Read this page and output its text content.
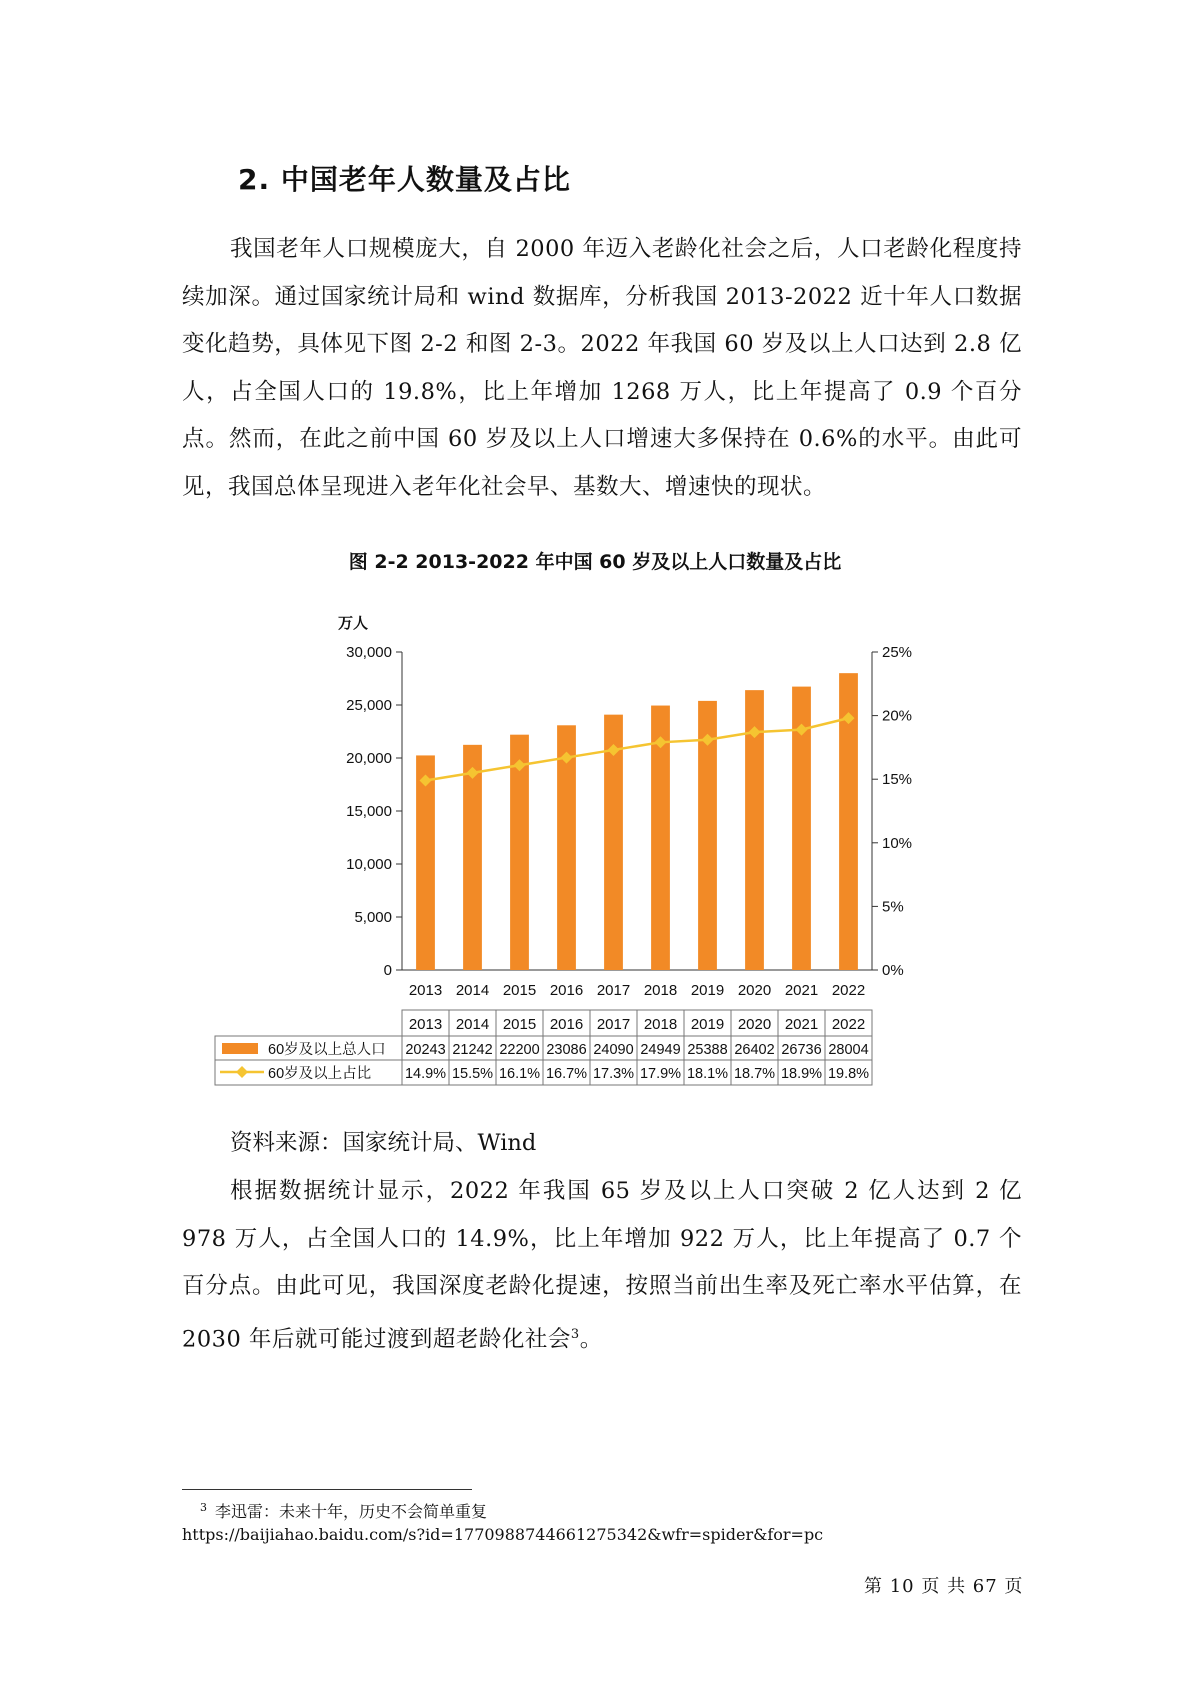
2. 中国老年人数量及占比

我国老年人口规模庞大，自 2000 年迈入老龄化社会之后，人口老龄化程度持续加深。通过国家统计局和 wind 数据库，分析我国 2013-2022 近十年人口数据变化趋势，具体见下图 2-2 和图 2-3。2022 年我国 60 岁及以上人口达到 2.8 亿人，占全国人口的 19.8%，比上年增加 1268 万人，比上年提高了 0.9 个百分点。然而，在此之前中国 60 岁及以上人口增速大多保持在 0.6%的水平。由此可见，我国总体呈现进入老年化社会早、基数大、增速快的现状。

图 2-2 2013-2022 年中国 60 岁及以上人口数量及占比
万人
0
5,000
10,000
15,000
20,000
25,000
30,000
0%
5%
10%
15%
20%
25%
2013 2014 2015 2016 2017 2018 2019 2020 2021 2022
2013
20243
14.9%
2014
21242
15.5%
2015
22200
16.1%
2016
23086
16.7%
2017
24090
17.3%
2018
24949
17.9%
2019
25388
18.1%
2020
26402
18.7%
2021
26736
18.9%
2022
28004
19.8%
60岁及以上总人口
60岁及以上占比

资料来源：国家统计局、Wind

根据数据统计显示，2022 年我国 65 岁及以上人口突破 2 亿人达到 2 亿 978 万人，占全国人口的 14.9%，比上年增加 922 万人，比上年提高了 0.7 个百分点。由此可见，我国深度老龄化提速，按照当前出生率及死亡率水平估算，在 2030 年后就可能过渡到超老龄化社会$^3$。

$^3$ 李迅雷：未来十年，历史不会简单重复

https://baijiahao.baidu.com/s?id=1770988744661275342&wfr=spider&for=pc

第 10 页 共 67 页
